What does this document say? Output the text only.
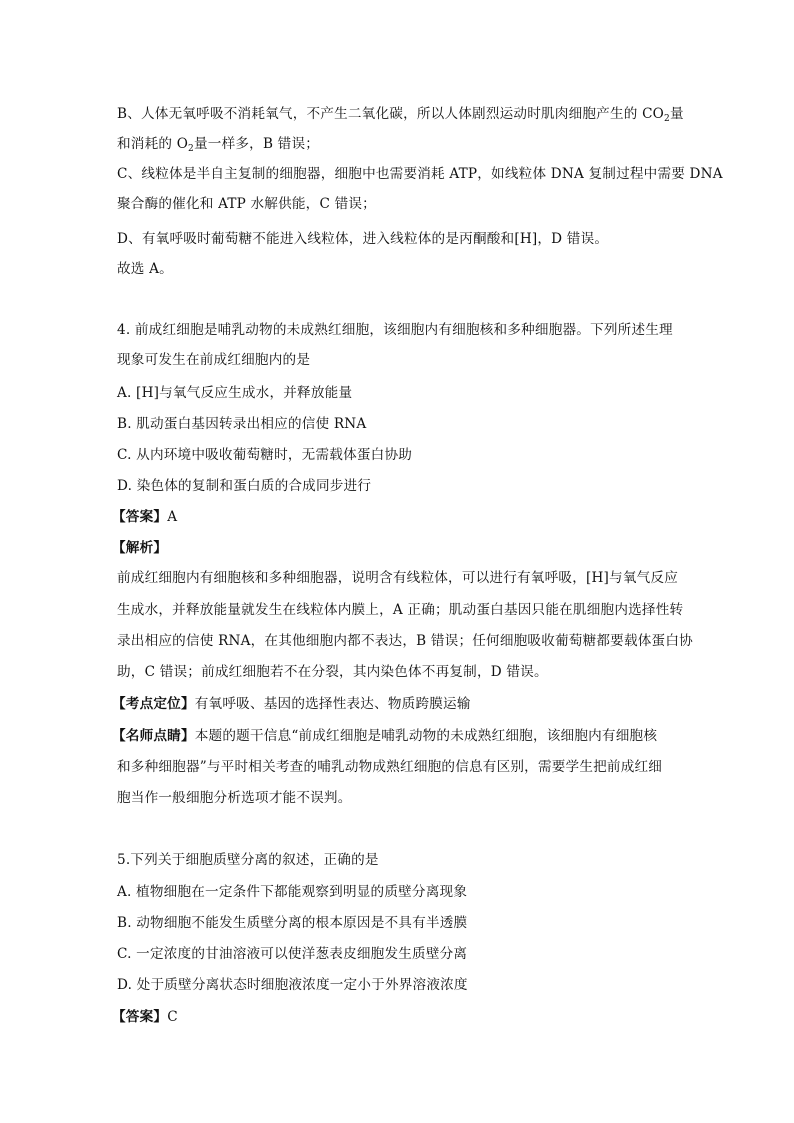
B、人体无氧呼吸不消耗氧气，不产生二氧化碳，所以人体剧烈运动时肌肉细胞产生的 $CO_2$量
和消耗的 $O_2$量一样多，B 错误；
C、线粒体是半自主复制的细胞器，细胞中也需要消耗 ATP，如线粒体 DNA 复制过程中需要 DNA
聚合酶的催化和 ATP 水解供能，C 错误；
D、有氧呼吸时葡萄糖不能进入线粒体，进入线粒体的是丙酮酸和[H]，D 错误。
故选 A。
4. 前成红细胞是哺乳动物的未成熟红细胞，该细胞内有细胞核和多种细胞器。下列所述生理
现象可发生在前成红细胞内的是
A. [H]与氧气反应生成水，并释放能量
B. 肌动蛋白基因转录出相应的信使 RNA
C. 从内环境中吸收葡萄糖时，无需载体蛋白协助
D. 染色体的复制和蛋白质的合成同步进行
【答案】A
【解析】
前成红细胞内有细胞核和多种细胞器，说明含有线粒体，可以进行有氧呼吸，[H]与氧气反应
生成水，并释放能量就发生在线粒体内膜上，A 正确；肌动蛋白基因只能在肌细胞内选择性转
录出相应的信使 RNA，在其他细胞内都不表达，B 错误；任何细胞吸收葡萄糖都要载体蛋白协
助，C 错误；前成红细胞若不在分裂，其内染色体不再复制，D 错误。
【考点定位】有氧呼吸、基因的选择性表达、物质跨膜运输
【名师点睛】本题的题干信息“前成红细胞是哺乳动物的未成熟红细胞，该细胞内有细胞核
和多种细胞器”与平时相关考查的哺乳动物成熟红细胞的信息有区别，需要学生把前成红细
胞当作一般细胞分析选项才能不误判。
5.下列关于细胞质壁分离的叙述，正确的是
A. 植物细胞在一定条件下都能观察到明显的质壁分离现象
B. 动物细胞不能发生质壁分离的根本原因是不具有半透膜
C. 一定浓度的甘油溶液可以使洋葱表皮细胞发生质壁分离
D. 处于质壁分离状态时细胞液浓度一定小于外界溶液浓度
【答案】C
